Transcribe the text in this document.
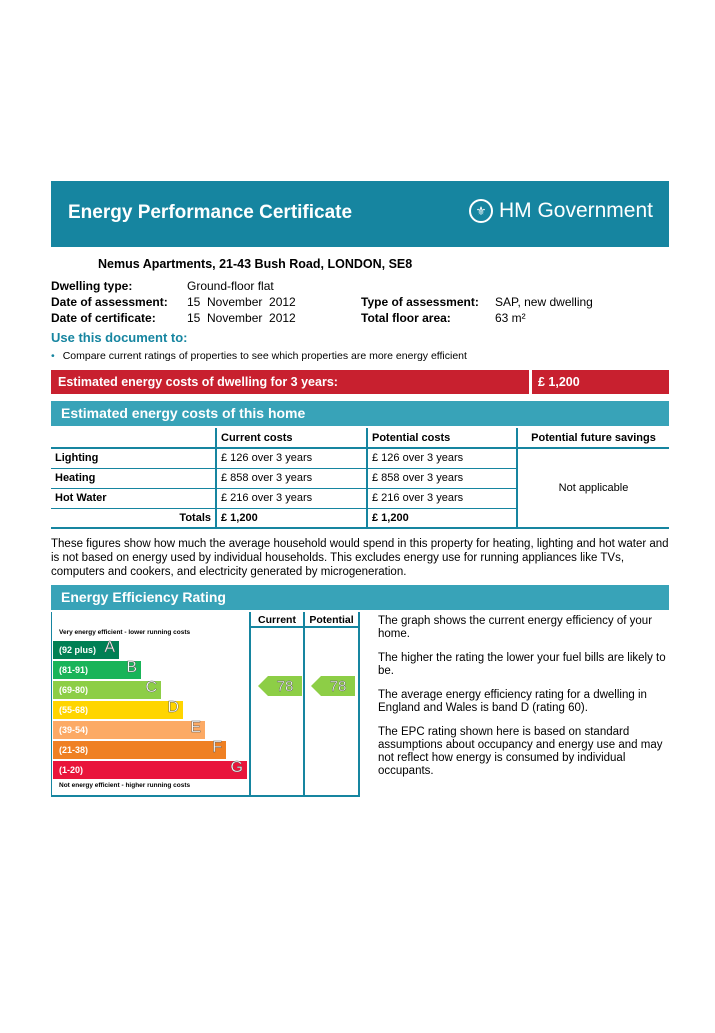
Energy Performance Certificate	⚜ HM Government
Nemus Apartments, 21-43 Bush Road, LONDON, SE8
Dwelling type:	Ground-floor flat
Date of assessment: 15  November  2012
Date of certificate:	15  November  2012
Type of assessment: SAP, new dwelling
Total floor area:	63 m²
Use this document to:
• Compare current ratings of properties to see which properties are more energy efficient
Estimated energy costs of dwelling for 3 years:	£ 1,200
Estimated energy costs of this home
	Current costs	Potential costs	Potential future savings
Lighting	£ 126 over 3 years	£ 126 over 3 years	Not applicable
Heating	£ 858 over 3 years	£ 858 over 3 years	
Hot Water	£ 216 over 3 years	£ 216 over 3 years	
Totals	£ 1,200	£ 1,200	
These figures show how much the average household would spend in this property for heating, lighting and hot water and is not based on energy used by individual households. This excludes energy use for running appliances like TVs, computers and cookers, and electricity generated by microgeneration.
Energy Efficiency Rating
Current	Potential
Very energy efficient - lower running costs
Not energy efficient - higher running costs
(92 plus) A
(81-91) B
(69-80)	C
(55-68)	D
(39-54)	E
(21-38)	F
(1-20)	G
78 78

The graph shows the current energy efficiency of your home.

The higher the rating the lower your fuel bills are likely to be.

The average energy efficiency rating for a dwelling in England and Wales is band D (rating 60).

The EPC rating shown here is based on standard assumptions about occupancy and energy use and may not reflect how energy is consumed by individual occupants.
